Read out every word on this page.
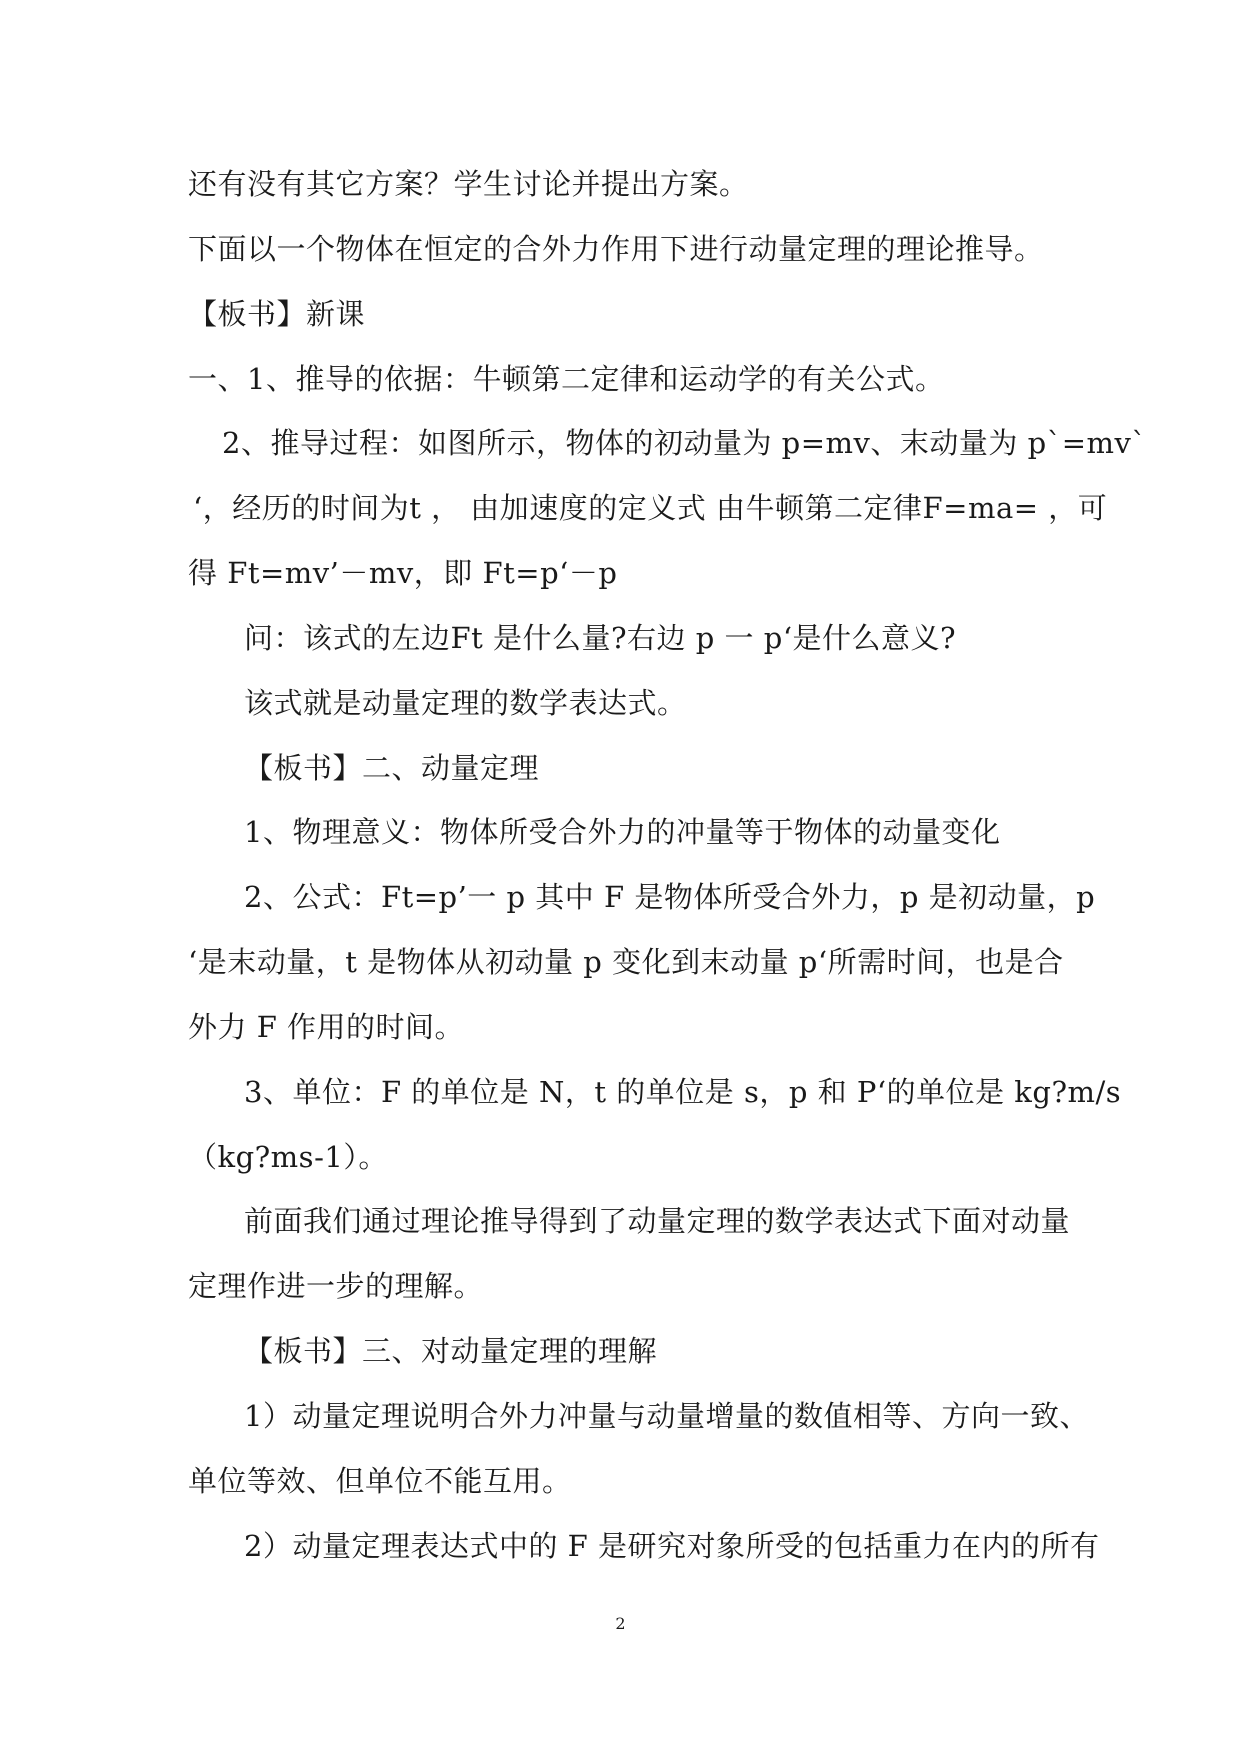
还有没有其它方案？学生讨论并提出方案。
下面以一个物体在恒定的合外力作用下进行动量定理的理论推导。
【板书】新课
一、1、推导的依据：牛顿第二定律和运动学的有关公式。
2、推导过程：如图所示，物体的初动量为 p=mv、末动量为 p`=mv`
‘，经历的时间为t ， 由加速度的定义式 由牛顿第二定律F=ma= ，可
得 Ft=mv’－mv，即 Ft=p‘－p
问：该式的左边Ft 是什么量?右边 p 一 p‘是什么意义?
该式就是动量定理的数学表达式。
【板书】二、动量定理
1、物理意义：物体所受合外力的冲量等于物体的动量变化
2、公式：Ft=p’一 p 其中 F 是物体所受合外力，p 是初动量，p
‘是末动量，t 是物体从初动量 p 变化到末动量 p‘所需时间，也是合
外力 F 作用的时间。
3、单位：F 的单位是 N，t 的单位是 s，p 和 P‘的单位是 kg?m/s
（kg?ms-1）。
前面我们通过理论推导得到了动量定理的数学表达式下面对动量
定理作进一步的理解。
【板书】三、对动量定理的理解
1）动量定理说明合外力冲量与动量增量的数值相等、方向一致、
单位等效、但单位不能互用。
2）动量定理表达式中的 F 是研究对象所受的包括重力在内的所有
2
